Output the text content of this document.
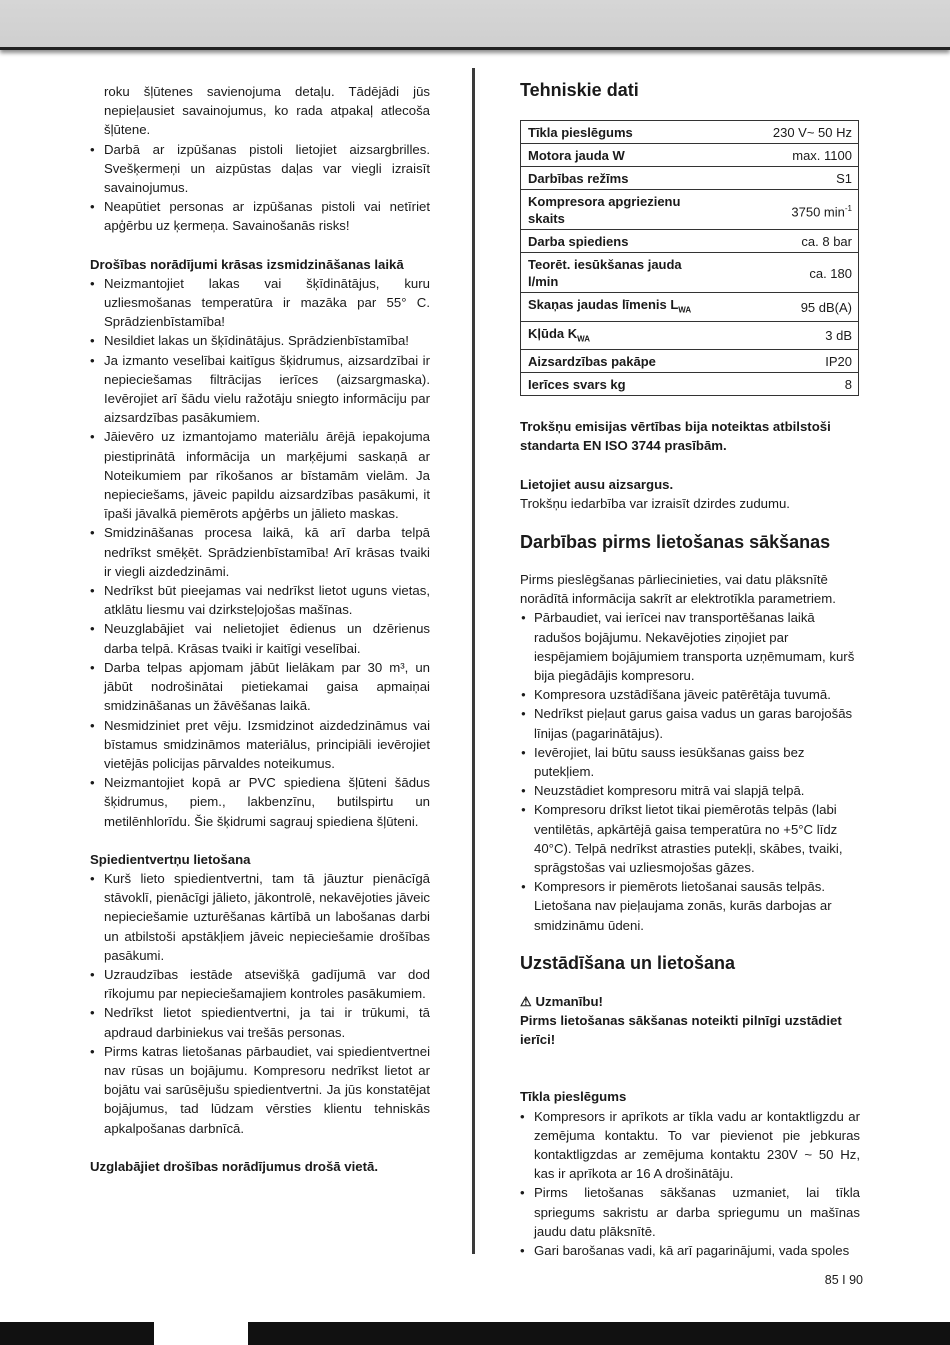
roku šļūtenes savienojuma detaļu. Tādējādi jūs nepieļausiet savainojumus, ko rada atpakaļ atlecoša šļūtene.

• Darbā ar izpūšanas pistoli lietojiet aizsargbrilles. Svešķermeņi un aizpūstas daļas var viegli izraisīt savainojumus.
• Neapūtiet personas ar izpūšanas pistoli vai netīriet apģērbu uz ķermeņa. Savainošanās risks!

Drošības norādījumi krāsas izsmidzināšanas laikā

• Neizmantojiet lakas vai šķīdinātājus, kuru uzliesmošanas temperatūra ir mazāka par 55° C. Sprādzienbīstamība!
• Nesildiet lakas un šķīdinātājus. Sprādzienbīstamība!
• Ja izmanto veselībai kaitīgus šķidrumus, aizsardzībai ir nepieciešamas filtrācijas ierīces (aizsargmaska). Ievērojiet arī šādu vielu ražotāju sniegto informāciju par aizsardzības pasākumiem.
• Jāievēro uz izmantojamo materiālu ārējā iepakojuma piestiprinātā informācija un marķējumi saskaņā ar Noteikumiem par rīkošanos ar bīstamām vielām. Ja nepieciešams, jāveic papildu aizsardzības pasākumi, it īpaši jāvalkā piemērots apģērbs un jālieto maskas.
• Smidzināšanas procesa laikā, kā arī darba telpā nedrīkst smēķēt. Sprādzienbīstamība! Arī krāsas tvaiki ir viegli aizdedzināmi.
• Nedrīkst būt pieejamas vai nedrīkst lietot uguns vietas, atklātu liesmu vai dzirksteļojošas mašīnas.
• Neuzglabājiet vai nelietojiet ēdienus un dzērienus darba telpā. Krāsas tvaiki ir kaitīgi veselībai.
• Darba telpas apjomam jābūt lielākam par 30 m³, un jābūt nodrošinātai pietiekamai gaisa apmaiņai smidzināšanas un žāvēšanas laikā.
• Nesmidziniet pret vēju. Izsmidzinot aizdedzināmus vai bīstamus smidzināmos materiālus, principiāli ievērojiet vietējās policijas pārvaldes noteikumus.
• Neizmantojiet kopā ar PVC spiediena šļūteni šādus šķidrumus, piem., lakbenzīnu, butilspirtu un metilēnhlorīdu. Šie šķidrumi sagrauj spiediena šļūteni.

Spiedientvertņu lietošana

• Kurš lieto spiedientvertni, tam tā jāuztur pienācīgā stāvoklī, pienācīgi jālieto, jākontrolē, nekavējoties jāveic nepieciešamie uzturēšanas kārtībā un labošanas darbi un atbilstoši apstākļiem jāveic nepieciešamie drošības pasākumi.
• Uzraudzības iestāde atsevišķā gadījumā var dod rīkojumu par nepieciešamajiem kontroles pasākumiem.
• Nedrīkst lietot spiedientvertni, ja tai ir trūkumi, tā apdraud darbiniekus vai trešās personas.
• Pirms katras lietošanas pārbaudiet, vai spiedientvertnei nav rūsas un bojājumu. Kompresoru nedrīkst lietot ar bojātu vai sarūsējušu spiedientvertni. Ja jūs konstatējat bojājumus, tad lūdzam vērsties klientu tehniskās apkalpošanas darbnīcā.

Uzglabājiet drošības norādījumus drošā vietā.

Tehniskie dati
Tīkla pieslēgums	230 V~ 50 Hz
Motora jauda W	max. 1100
Darbības režīms	S1
Kompresora apgriezienu skaits	3750 $\min^{-1}$
Darba spiediens	ca. 8 bar
Teorēt. iesūkšanas jauda l/min	ca. 180
Skaņas jaudas līmenis $L_{WA}$	95 dB(A)
Kļūda $K_{WA}$	3 dB
Aizsardzības pakāpe	IP20
Ierīces svars kg	8

Trokšņu emisijas vērtības bija noteiktas atbilstoši standarta EN ISO 3744 prasībām.

Lietojiet ausu aizsargus.

Trokšņu iedarbība var izraisīt dzirdes zudumu.

Darbības pirms lietošanas sākšanas

Pirms pieslēgšanas pārliecinieties, vai datu plāksnītē norādītā informācija sakrīt ar elektrotīkla parametriem.

● Pārbaudiet, vai ierīcei nav transportēšanas laikā radušos bojājumu. Nekavējoties ziņojiet par iespējamiem bojājumiem transporta uzņēmumam, kurš bija piegādājis kompresoru.
● Kompresora uzstādīšana jāveic patērētāja tuvumā.
● Nedrīkst pieļaut garus gaisa vadus un garas barojošās līnijas (pagarinātājus).
● Ievērojiet, lai būtu sauss iesūkšanas gaiss bez putekļiem.
● Neuzstādiet kompresoru mitrā vai slapjā telpā.
● Kompresoru drīkst lietot tikai piemērotās telpās (labi ventilētās, apkārtējā gaisa temperatūra no +5°C līdz 40°C). Telpā nedrīkst atrasties putekļi, skābes, tvaiki, sprāgstošas vai uzliesmojošas gāzes.
● Kompresors ir piemērots lietošanai sausās telpās. Lietošana nav pieļaujama zonās, kurās darbojas ar smidzināmu ūdeni.
Uzstādīšana un lietošana

⚠ Uzmanību!

Pirms lietošanas sākšanas noteikti pilnīgi uzstādiet ierīci!

Tīkla pieslēgums

• Kompresors ir aprīkots ar tīkla vadu ar kontaktligzdu ar zemējuma kontaktu. To var pievienot pie jebkuras kontaktligzdas ar zemējuma kontaktu 230V ~ 50 Hz, kas ir aprīkota ar 16 A drošinātāju.
• Pirms lietošanas sākšanas uzmaniet, lai tīkla spriegums sakristu ar darba spriegumu un mašīnas jaudu datu plāksnītē.
• Gari barošanas vadi, kā arī pagarinājumi, vada spoles
85 I 90
